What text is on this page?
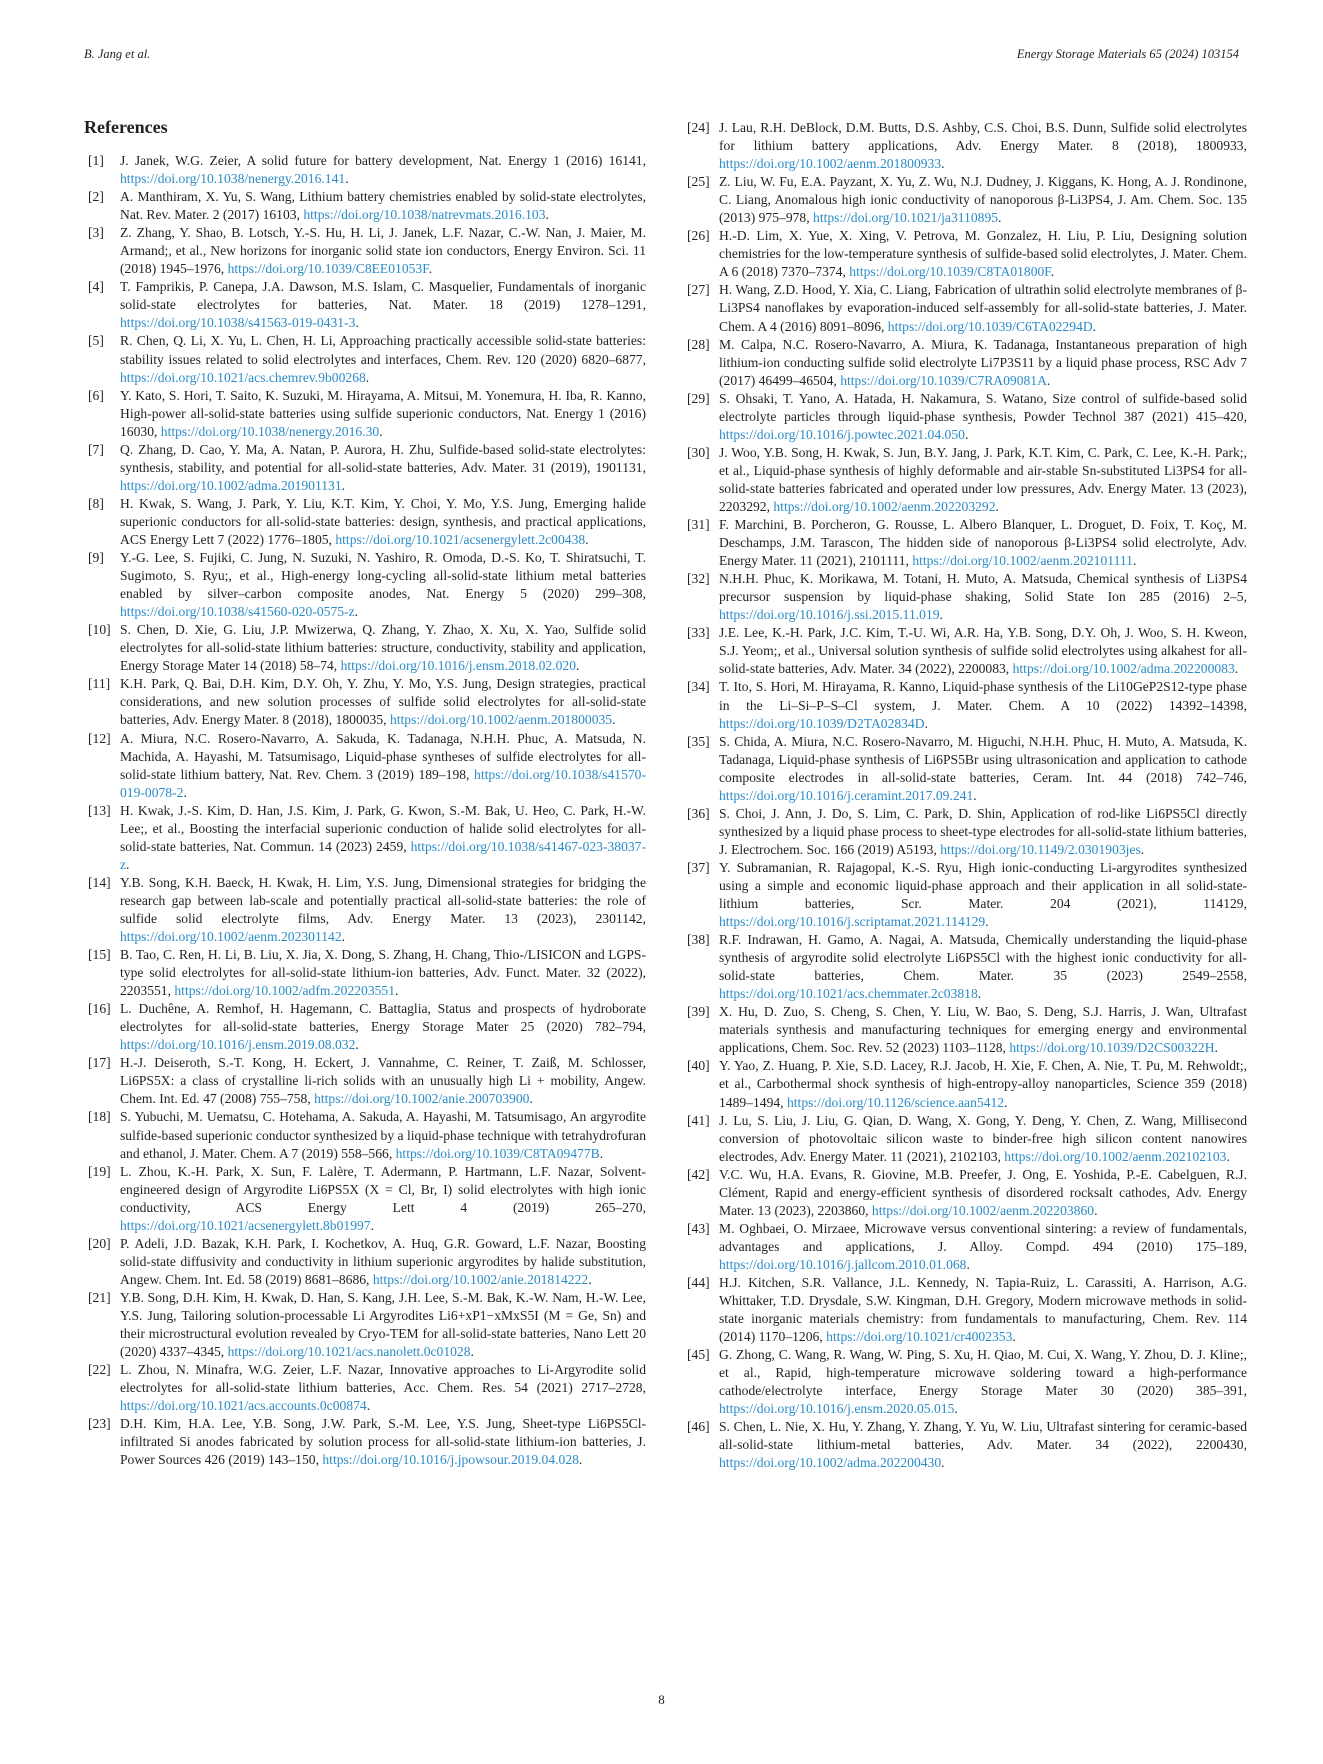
B. Jang et al.	Energy Storage Materials 65 (2024) 103154
References
[1]	J. Janek, W.G. Zeier, A solid future for battery development, Nat. Energy 1 (2016) 16141, https://doi.org/10.1038/nenergy.2016.141.
[2]	A. Manthiram, X. Yu, S. Wang, Lithium battery chemistries enabled by solid-state electrolytes, Nat. Rev. Mater. 2 (2017) 16103, https://doi.org/10.1038/natrevmats.2016.103.
[3]	Z. Zhang, Y. Shao, B. Lotsch, Y.-S. Hu, H. Li, J. Janek, L.F. Nazar, C.-W. Nan, J. Maier, M. Armand;, et al., New horizons for inorganic solid state ion conductors, Energy Environ. Sci. 11 (2018) 1945–1976, https://doi.org/10.1039/C8EE01053F.
[4]	T. Famprikis, P. Canepa, J.A. Dawson, M.S. Islam, C. Masquelier, Fundamentals of inorganic solid-state electrolytes for batteries, Nat. Mater. 18 (2019) 1278–1291, https://doi.org/10.1038/s41563-019-0431-3.
[5]	R. Chen, Q. Li, X. Yu, L. Chen, H. Li, Approaching practically accessible solid-state batteries: stability issues related to solid electrolytes and interfaces, Chem. Rev. 120 (2020) 6820–6877, https://doi.org/10.1021/acs.chemrev.9b00268.
[6]	Y. Kato, S. Hori, T. Saito, K. Suzuki, M. Hirayama, A. Mitsui, M. Yonemura, H. Iba, R. Kanno, High-power all-solid-state batteries using sulfide superionic conductors, Nat. Energy 1 (2016) 16030, https://doi.org/10.1038/nenergy.2016.30.
[7]	Q. Zhang, D. Cao, Y. Ma, A. Natan, P. Aurora, H. Zhu, Sulfide-based solid-state electrolytes: synthesis, stability, and potential for all-solid-state batteries, Adv. Mater. 31 (2019), 1901131, https://doi.org/10.1002/adma.201901131.
[8]	H. Kwak, S. Wang, J. Park, Y. Liu, K.T. Kim, Y. Choi, Y. Mo, Y.S. Jung, Emerging halide superionic conductors for all-solid-state batteries: design, synthesis, and practical applications, ACS Energy Lett 7 (2022) 1776–1805, https://doi.org/10.1021/acsenergylett.2c00438.
[9]	Y.-G. Lee, S. Fujiki, C. Jung, N. Suzuki, N. Yashiro, R. Omoda, D.-S. Ko, T. Shiratsuchi, T. Sugimoto, S. Ryu;, et al., High-energy long-cycling all-solid-state lithium metal batteries enabled by silver–carbon composite anodes, Nat. Energy 5 (2020) 299–308, https://doi.org/10.1038/s41560-020-0575-z.
[10] S. Chen, D. Xie, G. Liu, J.P. Mwizerwa, Q. Zhang, Y. Zhao, X. Xu, X. Yao, Sulfide solid electrolytes for all-solid-state lithium batteries: structure, conductivity, stability and application, Energy Storage Mater 14 (2018) 58–74, https://doi.org/10.1016/j.ensm.2018.02.020.
[11] K.H. Park, Q. Bai, D.H. Kim, D.Y. Oh, Y. Zhu, Y. Mo, Y.S. Jung, Design strategies, practical considerations, and new solution processes of sulfide solid electrolytes for all-solid-state batteries, Adv. Energy Mater. 8 (2018), 1800035, https://doi.org/10.1002/aenm.201800035.
[12] A. Miura, N.C. Rosero-Navarro, A. Sakuda, K. Tadanaga, N.H.H. Phuc, A. Matsuda, N. Machida, A. Hayashi, M. Tatsumisago, Liquid-phase syntheses of sulfide electrolytes for all-solid-state lithium battery, Nat. Rev. Chem. 3 (2019) 189–198, https://doi.org/10.1038/s41570-019-0078-2.
[13] H. Kwak, J.-S. Kim, D. Han, J.S. Kim, J. Park, G. Kwon, S.-M. Bak, U. Heo, C. Park, H.-W. Lee;, et al., Boosting the interfacial superionic conduction of halide solid electrolytes for all-solid-state batteries, Nat. Commun. 14 (2023) 2459, https://doi.org/10.1038/s41467-023-38037-z.
[14] Y.B. Song, K.H. Baeck, H. Kwak, H. Lim, Y.S. Jung, Dimensional strategies for bridging the research gap between lab-scale and potentially practical all-solid-state batteries: the role of sulfide solid electrolyte films, Adv. Energy Mater. 13 (2023), 2301142, https://doi.org/10.1002/aenm.202301142.
[15] B. Tao, C. Ren, H. Li, B. Liu, X. Jia, X. Dong, S. Zhang, H. Chang, Thio-/LISICON and LGPS-type solid electrolytes for all-solid-state lithium-ion batteries, Adv. Funct. Mater. 32 (2022), 2203551, https://doi.org/10.1002/adfm.202203551.
[16] L. Duchêne, A. Remhof, H. Hagemann, C. Battaglia, Status and prospects of hydroborate electrolytes for all-solid-state batteries, Energy Storage Mater 25 (2020) 782–794, https://doi.org/10.1016/j.ensm.2019.08.032.
[17] H.-J. Deiseroth, S.-T. Kong, H. Eckert, J. Vannahme, C. Reiner, T. Zaiß, M. Schlosser, Li6PS5X: a class of crystalline li-rich solids with an unusually high Li + mobility, Angew. Chem. Int. Ed. 47 (2008) 755–758, https://doi.org/10.1002/anie.200703900.
[18] S. Yubuchi, M. Uematsu, C. Hotehama, A. Sakuda, A. Hayashi, M. Tatsumisago, An argyrodite sulfide-based superionic conductor synthesized by a liquid-phase technique with tetrahydrofuran and ethanol, J. Mater. Chem. A 7 (2019) 558–566, https://doi.org/10.1039/C8TA09477B.
[19] L. Zhou, K.-H. Park, X. Sun, F. Lalère, T. Adermann, P. Hartmann, L.F. Nazar, Solvent-engineered design of Argyrodite Li6PS5X (X = Cl, Br, I) solid electrolytes with high ionic conductivity, ACS Energy Lett 4 (2019) 265–270, https://doi.org/10.1021/acsenergylett.8b01997.
[20] P. Adeli, J.D. Bazak, K.H. Park, I. Kochetkov, A. Huq, G.R. Goward, L.F. Nazar, Boosting solid-state diffusivity and conductivity in lithium superionic argyrodites by halide substitution, Angew. Chem. Int. Ed. 58 (2019) 8681–8686, https://doi.org/10.1002/anie.201814222.
[21] Y.B. Song, D.H. Kim, H. Kwak, D. Han, S. Kang, J.H. Lee, S.-M. Bak, K.-W. Nam, H.-W. Lee, Y.S. Jung, Tailoring solution-processable Li Argyrodites Li6+xP1−xMxS5I (M = Ge, Sn) and their microstructural evolution revealed by Cryo-TEM for all-solid-state batteries, Nano Lett 20 (2020) 4337–4345, https://doi.org/10.1021/acs.nanolett.0c01028.
[22] L. Zhou, N. Minafra, W.G. Zeier, L.F. Nazar, Innovative approaches to Li-Argyrodite solid electrolytes for all-solid-state lithium batteries, Acc. Chem. Res. 54 (2021) 2717–2728, https://doi.org/10.1021/acs.accounts.0c00874.
[23] D.H. Kim, H.A. Lee, Y.B. Song, J.W. Park, S.-M. Lee, Y.S. Jung, Sheet-type Li6PS5Cl-infiltrated Si anodes fabricated by solution process for all-solid-state lithium-ion batteries, J. Power Sources 426 (2019) 143–150, https://doi.org/10.1016/j.jpowsour.2019.04.028.
[24] J. Lau, R.H. DeBlock, D.M. Butts, D.S. Ashby, C.S. Choi, B.S. Dunn, Sulfide solid electrolytes for lithium battery applications, Adv. Energy Mater. 8 (2018), 1800933, https://doi.org/10.1002/aenm.201800933.
[25] Z. Liu, W. Fu, E.A. Payzant, X. Yu, Z. Wu, N.J. Dudney, J. Kiggans, K. Hong, A. J. Rondinone, C. Liang, Anomalous high ionic conductivity of nanoporous β-Li3PS4, J. Am. Chem. Soc. 135 (2013) 975–978, https://doi.org/10.1021/ja3110895.
[26] H.-D. Lim, X. Yue, X. Xing, V. Petrova, M. Gonzalez, H. Liu, P. Liu, Designing solution chemistries for the low-temperature synthesis of sulfide-based solid electrolytes, J. Mater. Chem. A 6 (2018) 7370–7374, https://doi.org/10.1039/C8TA01800F.
[27] H. Wang, Z.D. Hood, Y. Xia, C. Liang, Fabrication of ultrathin solid electrolyte membranes of β-Li3PS4 nanoflakes by evaporation-induced self-assembly for all-solid-state batteries, J. Mater. Chem. A 4 (2016) 8091–8096, https://doi.org/10.1039/C6TA02294D.
[28] M. Calpa, N.C. Rosero-Navarro, A. Miura, K. Tadanaga, Instantaneous preparation of high lithium-ion conducting sulfide solid electrolyte Li7P3S11 by a liquid phase process, RSC Adv 7 (2017) 46499–46504, https://doi.org/10.1039/C7RA09081A.
[29] S. Ohsaki, T. Yano, A. Hatada, H. Nakamura, S. Watano, Size control of sulfide-based solid electrolyte particles through liquid-phase synthesis, Powder Technol 387 (2021) 415–420, https://doi.org/10.1016/j.powtec.2021.04.050.
[30] J. Woo, Y.B. Song, H. Kwak, S. Jun, B.Y. Jang, J. Park, K.T. Kim, C. Park, C. Lee, K.-H. Park;, et al., Liquid-phase synthesis of highly deformable and air-stable Sn-substituted Li3PS4 for all-solid-state batteries fabricated and operated under low pressures, Adv. Energy Mater. 13 (2023), 2203292, https://doi.org/10.1002/aenm.202203292.
[31] F. Marchini, B. Porcheron, G. Rousse, L. Albero Blanquer, L. Droguet, D. Foix, T. Koç, M. Deschamps, J.M. Tarascon, The hidden side of nanoporous β-Li3PS4 solid electrolyte, Adv. Energy Mater. 11 (2021), 2101111, https://doi.org/10.1002/aenm.202101111.
[32] N.H.H. Phuc, K. Morikawa, M. Totani, H. Muto, A. Matsuda, Chemical synthesis of Li3PS4 precursor suspension by liquid-phase shaking, Solid State Ion 285 (2016) 2–5, https://doi.org/10.1016/j.ssi.2015.11.019.
[33] J.E. Lee, K.-H. Park, J.C. Kim, T.-U. Wi, A.R. Ha, Y.B. Song, D.Y. Oh, J. Woo, S. H. Kweon, S.J. Yeom;, et al., Universal solution synthesis of sulfide solid electrolytes using alkahest for all-solid-state batteries, Adv. Mater. 34 (2022), 2200083, https://doi.org/10.1002/adma.202200083.
[34] T. Ito, S. Hori, M. Hirayama, R. Kanno, Liquid-phase synthesis of the Li10GeP2S12-type phase in the Li–Si–P–S–Cl system, J. Mater. Chem. A 10 (2022) 14392–14398, https://doi.org/10.1039/D2TA02834D.
[35] S. Chida, A. Miura, N.C. Rosero-Navarro, M. Higuchi, N.H.H. Phuc, H. Muto, A. Matsuda, K. Tadanaga, Liquid-phase synthesis of Li6PS5Br using ultrasonication and application to cathode composite electrodes in all-solid-state batteries, Ceram. Int. 44 (2018) 742–746, https://doi.org/10.1016/j.ceramint.2017.09.241.
[36] S. Choi, J. Ann, J. Do, S. Lim, C. Park, D. Shin, Application of rod-like Li6PS5Cl directly synthesized by a liquid phase process to sheet-type electrodes for all-solid-state lithium batteries, J. Electrochem. Soc. 166 (2019) A5193, https://doi.org/10.1149/2.0301903jes.
[37] Y. Subramanian, R. Rajagopal, K.-S. Ryu, High ionic-conducting Li-argyrodites synthesized using a simple and economic liquid-phase approach and their application in all solid-state-lithium batteries, Scr. Mater. 204 (2021), 114129, https://doi.org/10.1016/j.scriptamat.2021.114129.
[38] R.F. Indrawan, H. Gamo, A. Nagai, A. Matsuda, Chemically understanding the liquid-phase synthesis of argyrodite solid electrolyte Li6PS5Cl with the highest ionic conductivity for all-solid-state batteries, Chem. Mater. 35 (2023) 2549–2558, https://doi.org/10.1021/acs.chemmater.2c03818.
[39] X. Hu, D. Zuo, S. Cheng, S. Chen, Y. Liu, W. Bao, S. Deng, S.J. Harris, J. Wan, Ultrafast materials synthesis and manufacturing techniques for emerging energy and environmental applications, Chem. Soc. Rev. 52 (2023) 1103–1128, https://doi.org/10.1039/D2CS00322H.
[40] Y. Yao, Z. Huang, P. Xie, S.D. Lacey, R.J. Jacob, H. Xie, F. Chen, A. Nie, T. Pu, M. Rehwoldt;, et al., Carbothermal shock synthesis of high-entropy-alloy nanoparticles, Science 359 (2018) 1489–1494, https://doi.org/10.1126/science.aan5412.
[41] J. Lu, S. Liu, J. Liu, G. Qian, D. Wang, X. Gong, Y. Deng, Y. Chen, Z. Wang, Millisecond conversion of photovoltaic silicon waste to binder-free high silicon content nanowires electrodes, Adv. Energy Mater. 11 (2021), 2102103, https://doi.org/10.1002/aenm.202102103.
[42] V.C. Wu, H.A. Evans, R. Giovine, M.B. Preefer, J. Ong, E. Yoshida, P.-E. Cabelguen, R.J. Clément, Rapid and energy-efficient synthesis of disordered rocksalt cathodes, Adv. Energy Mater. 13 (2023), 2203860, https://doi.org/10.1002/aenm.202203860.
[43] M. Oghbaei, O. Mirzaee, Microwave versus conventional sintering: a review of fundamentals, advantages and applications, J. Alloy. Compd. 494 (2010) 175–189, https://doi.org/10.1016/j.jallcom.2010.01.068.
[44] H.J. Kitchen, S.R. Vallance, J.L. Kennedy, N. Tapia-Ruiz, L. Carassiti, A. Harrison, A.G. Whittaker, T.D. Drysdale, S.W. Kingman, D.H. Gregory, Modern microwave methods in solid-state inorganic materials chemistry: from fundamentals to manufacturing, Chem. Rev. 114 (2014) 1170–1206, https://doi.org/10.1021/cr4002353.
[45] G. Zhong, C. Wang, R. Wang, W. Ping, S. Xu, H. Qiao, M. Cui, X. Wang, Y. Zhou, D. J. Kline;, et al., Rapid, high-temperature microwave soldering toward a high-performance cathode/electrolyte interface, Energy Storage Mater 30 (2020) 385–391, https://doi.org/10.1016/j.ensm.2020.05.015.
[46] S. Chen, L. Nie, X. Hu, Y. Zhang, Y. Zhang, Y. Yu, W. Liu, Ultrafast sintering for ceramic-based all-solid-state lithium-metal batteries, Adv. Mater. 34 (2022), 2200430, https://doi.org/10.1002/adma.202200430.
8
